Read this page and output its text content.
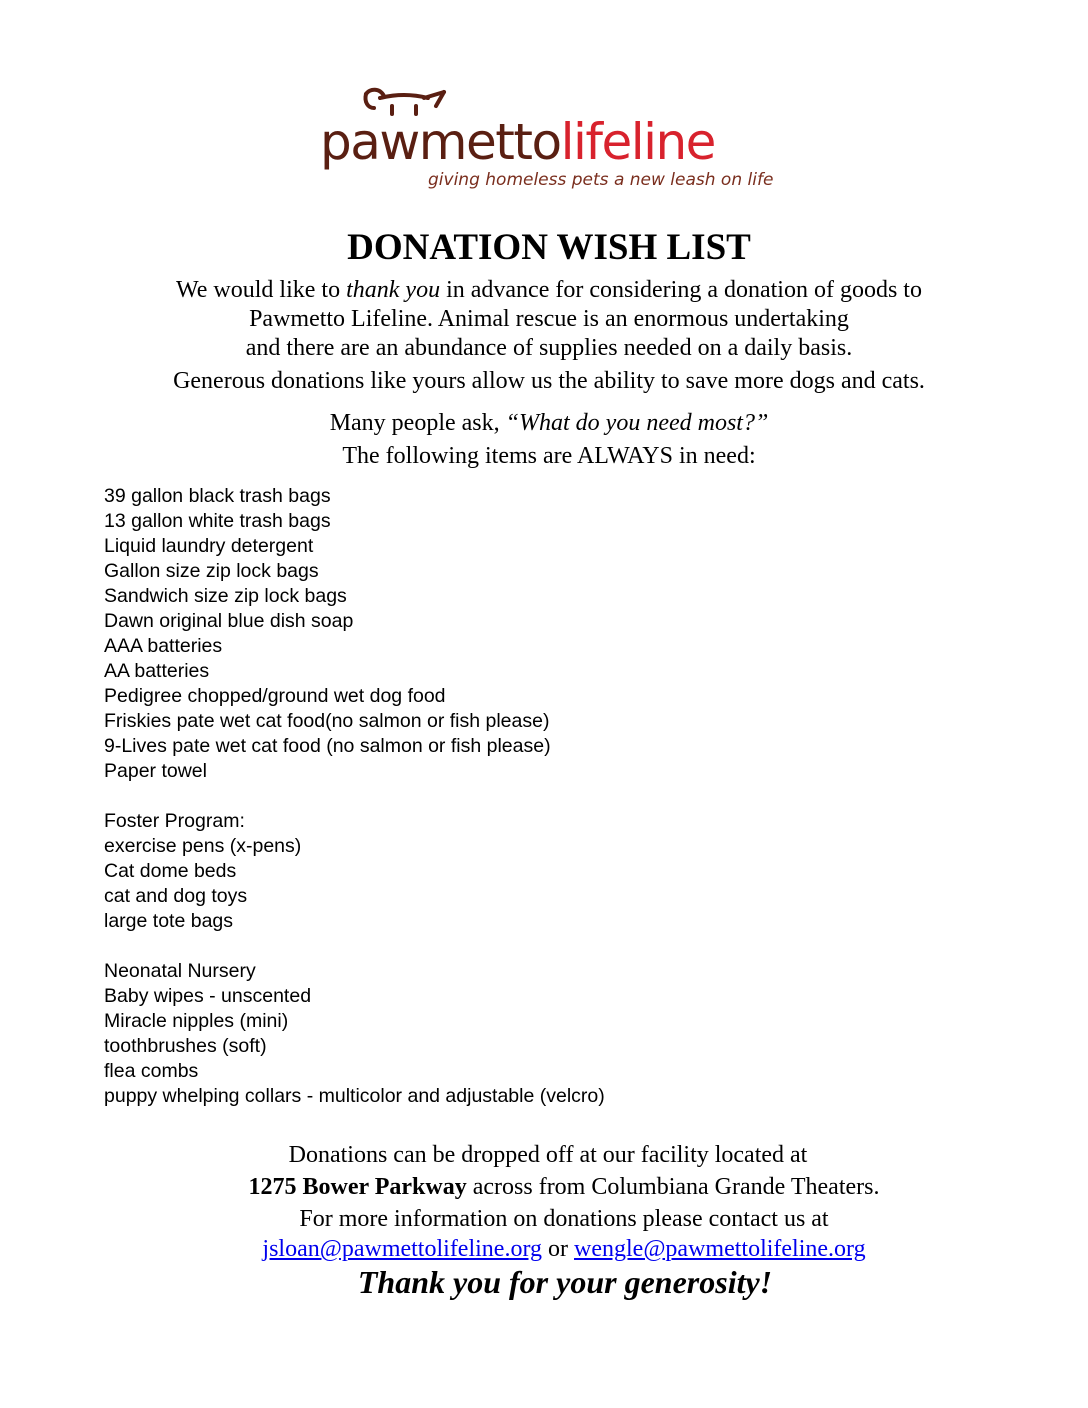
pawmettolifeline
giving homeless pets a new leash on life
DONATION WISH LIST
We would like to thank you in advance for considering a donation of goods to
Pawmetto Lifeline. Animal rescue is an enormous undertaking
and there are an abundance of supplies needed on a daily basis.
Generous donations like yours allow us the ability to save more dogs and cats.
Many people ask, “What do you need most?”
The following items are ALWAYS in need:
39 gallon black trash bags
13 gallon white trash bags
Liquid laundry detergent
Gallon size zip lock bags
Sandwich size zip lock bags
Dawn original blue dish soap
AAA batteries
AA batteries
Pedigree chopped/ground wet dog food
Friskies pate wet cat food(no salmon or fish please)
9-Lives pate wet cat food (no salmon or fish please)
Paper towel
Foster Program:
exercise pens (x-pens)
Cat dome beds
cat and dog toys
large tote bags
Neonatal Nursery
Baby wipes - unscented
Miracle nipples (mini)
toothbrushes (soft)
flea combs
puppy whelping collars - multicolor and adjustable (velcro)
Donations can be dropped off at our facility located at
1275 Bower Parkway across from Columbiana Grande Theaters.
For more information on donations please contact us at
jsloan@pawmettolifeline.org or wengle@pawmettolifeline.org
Thank you for your generosity!
